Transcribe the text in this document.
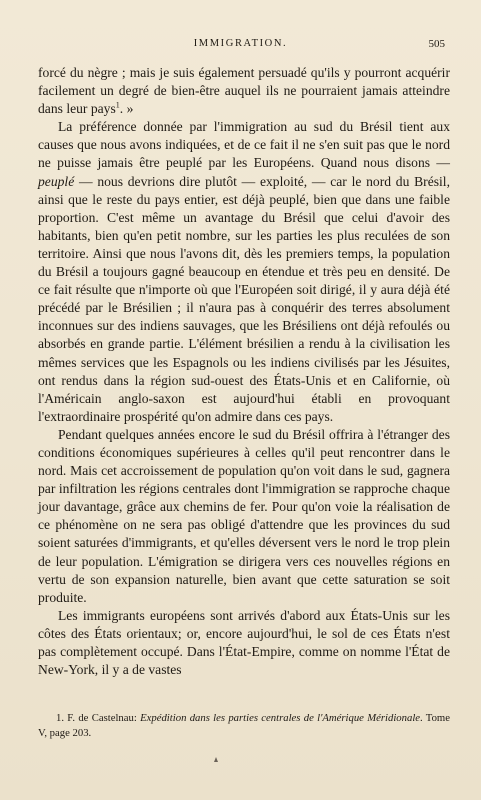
IMMIGRATION.	505

forcé du nègre ; mais je suis également persuadé qu'ils y pourront acquérir facilement un degré de bien-être auquel ils ne pourraient jamais atteindre dans leur pays$^1$. »

La préférence donnée par l'immigration au sud du Brésil tient aux causes que nous avons indiquées, et de ce fait il ne s'en suit pas que le nord ne puisse jamais être peuplé par les Européens. Quand nous disons — peuplé — nous devrions dire plutôt — exploité, — car le nord du Brésil, ainsi que le reste du pays entier, est déjà peuplé, bien que dans une faible proportion. C'est même un avantage du Brésil que celui d'avoir des habitants, bien qu'en petit nombre, sur les parties les plus reculées de son territoire. Ainsi que nous l'avons dit, dès les premiers temps, la population du Brésil a toujours gagné beaucoup en étendue et très peu en densité. De ce fait résulte que n'importe où que l'Européen soit dirigé, il y aura déjà été précédé par le Brésilien ; il n'aura pas à conquérir des terres absolument inconnues sur des indiens sauvages, que les Brésiliens ont déjà refoulés ou absorbés en grande partie. L'élément brésilien a rendu à la civilisation les mêmes services que les Espagnols ou les indiens civilisés par les Jésuites, ont rendus dans la région sud-ouest des États-Unis et en Californie, où l'Américain anglo-saxon est aujourd'hui établi en provoquant l'extraordinaire prospérité qu'on admire dans ces pays.

Pendant quelques années encore le sud du Brésil offrira à l'étranger des conditions économiques supérieures à celles qu'il peut rencontrer dans le nord. Mais cet accroissement de population qu'on voit dans le sud, gagnera par infiltration les régions centrales dont l'immigration se rapproche chaque jour davantage, grâce aux chemins de fer. Pour qu'on voie la réalisation de ce phénomène on ne sera pas obligé d'attendre que les provinces du sud soient saturées d'immigrants, et qu'elles déversent vers le nord le trop plein de leur population. L'émigration se dirigera vers ces nouvelles régions en vertu de son expansion naturelle, bien avant que cette saturation se soit produite.

Les immigrants européens sont arrivés d'abord aux États-Unis sur les côtes des États orientaux; or, encore aujourd'hui, le sol de ces États n'est pas complètement occupé. Dans l'État-Empire, comme on nomme l'État de New-York, il y a de vastes

1. F. de Castelnau: Expédition dans les parties centrales de l'Amérique Méridionale. Tome V, page 203.
